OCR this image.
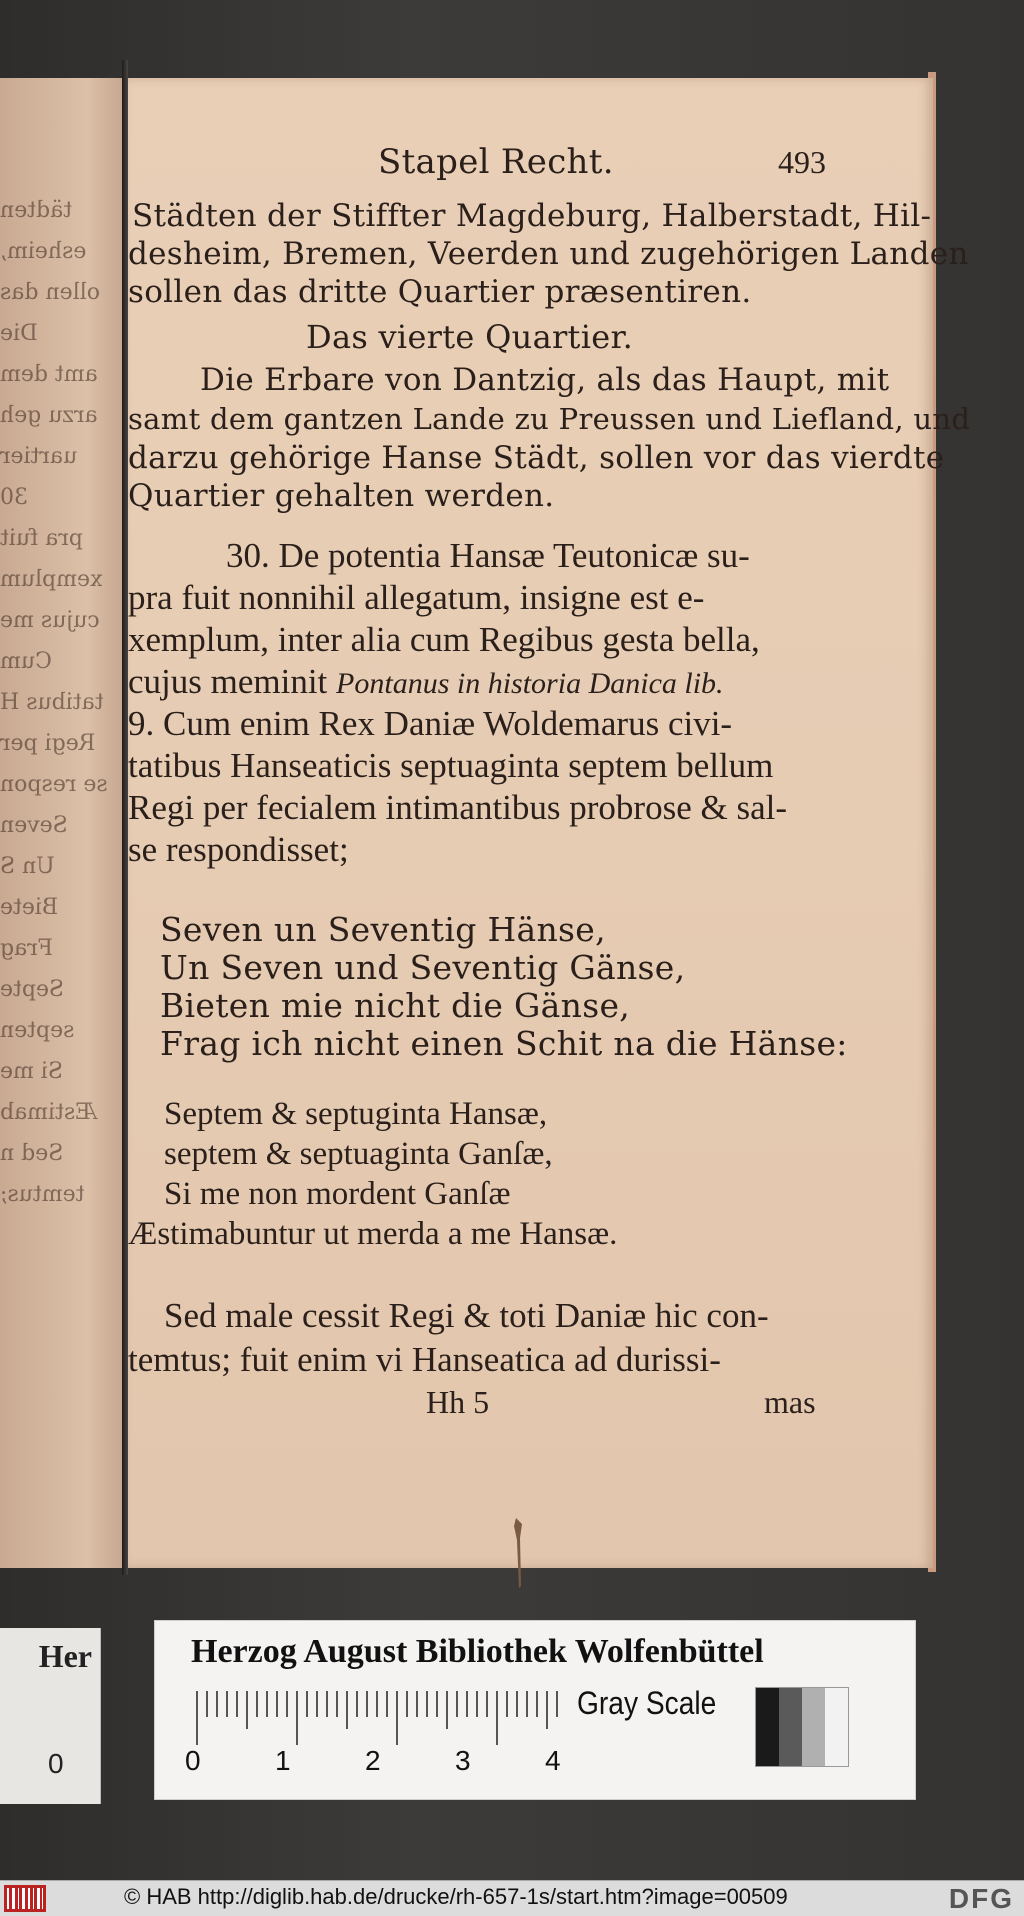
tädten
esheim,
ollen das
Die
amt dem
arzu geh
uartier
30
pra fuit
xemplum
cujus me
Cum
tatibus H
Regi per
se respon
Seven
Un S
Biete
Frag
Septe
septen
Si me
Æstimab
Sed n
temtus;
Stapel Recht.	493
Städten der Stiffter Magdeburg, Halberstadt, Hil-
desheim, Bremen, Veerden und zugehörigen Landen
sollen das dritte Quartier præsentiren.
Das vierte Quartier.
Die Erbare von Dantzig, als das Haupt, mit
samt dem gantzen Lande zu Preussen und Liefland, und
darzu gehörige Hanse Städt, sollen vor das vierdte
Quartier gehalten werden.
30. De potentia Hansæ Teutonicæ su-
pra fuit nonnihil allegatum, insigne est e-
xemplum, inter alia cum Regibus gesta bella,
cujus meminit Pontanus in historia Danica lib.
9. Cum enim Rex Daniæ Woldemarus civi-
tatibus Hanseaticis septuaginta septem bellum
Regi per fecialem intimantibus probrose & sal-
se respondisset;
Seven un Seventig Hänse,
Un Seven und Seventig Gänse,
Bieten mie nicht die Gänse,
Frag ich nicht einen Schit na die Hänse:
Septem & septuginta Hansæ,
septem & septuaginta Ganſæ,
Si me non mordent Ganſæ
Æstimabuntur ut merda a me Hansæ.
Sed male cessit Regi & toti Daniæ hic con-
temtus; fuit enim vi Hanseatica ad durissi-
Hh 5	mas
Her
0
Herzog August Bibliothek Wolfenbüttel
0	1	2	3	4
Gray Scale
© HAB http://diglib.hab.de/drucke/rh-657-1s/start.htm?image=00509	DFG
